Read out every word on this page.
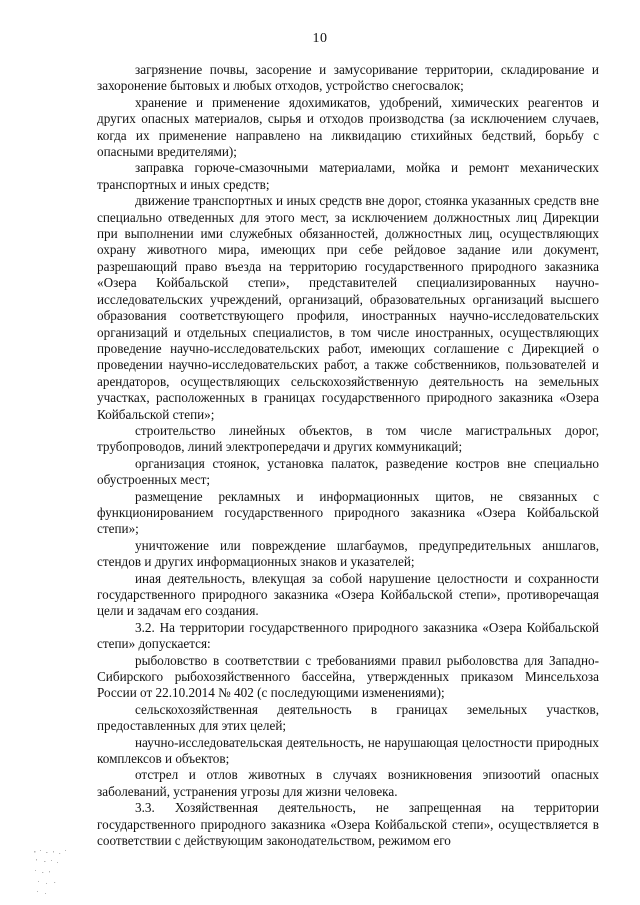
10

загрязнение почвы, засорение и замусоривание территории, складирование и захоронение бытовых и любых отходов, устройство снегосвалок;

хранение и применение ядохимикатов, удобрений, химических реагентов и других опасных материалов, сырья и отходов производства (за исключением случаев, когда их применение направлено на ликвидацию стихийных бедствий, борьбу с опасными вредителями);

заправка горюче-смазочными материалами, мойка и ремонт механических транспортных и иных средств;

движение транспортных и иных средств вне дорог, стоянка указанных средств вне специально отведенных для этого мест, за исключением должностных лиц Дирекции при выполнении ими служебных обязанностей, должностных лиц, осуществляющих охрану животного мира, имеющих при себе рейдовое задание или документ, разрешающий право въезда на территорию государственного природного заказника «Озера Койбальской степи», представителей специализированных научно-исследовательских учреждений, организаций, образовательных организаций высшего образования соответствующего профиля, иностранных научно-исследовательских организаций и отдельных специалистов, в том числе иностранных, осуществляющих проведение научно-исследовательских работ, имеющих соглашение с Дирекцией о проведении научно-исследовательских работ, а также собственников, пользователей и арендаторов, осуществляющих сельскохозяйственную деятельность на земельных участках, расположенных в границах государственного природного заказника «Озера Койбальской степи»;

строительство линейных объектов, в том числе магистральных дорог, трубопроводов, линий электропередачи и других коммуникаций;

организация стоянок, установка палаток, разведение костров вне специально обустроенных мест;

размещение рекламных и информационных щитов, не связанных с функционированием государственного природного заказника «Озера Койбальской степи»;

уничтожение или повреждение шлагбаумов, предупредительных аншлагов, стендов и других информационных знаков и указателей;

иная деятельность, влекущая за собой нарушение целостности и сохранности государственного природного заказника «Озера Койбальской степи», противоречащая цели и задачам его создания.

3.2. На территории государственного природного заказника «Озера Койбальской степи» допускается:

рыболовство в соответствии с требованиями правил рыболовства для Западно-Сибирского рыбохозяйственного бассейна, утвержденных приказом Минсельхоза России от 22.10.2014 № 402 (с последующими изменениями);

сельскохозяйственная деятельность в границах земельных участков, предоставленных для этих целей;

научно-исследовательская деятельность, не нарушающая целостности природных комплексов и объектов;

отстрел и отлов животных в случаях возникновения эпизоотий опасных заболеваний, устранения угрозы для жизни человека.

3.3. Хозяйственная деятельность, не запрещенная на территории государственного природного заказника «Озера Койбальской степи», осуществляется в соответствии с действующим законодательством, режимом его
